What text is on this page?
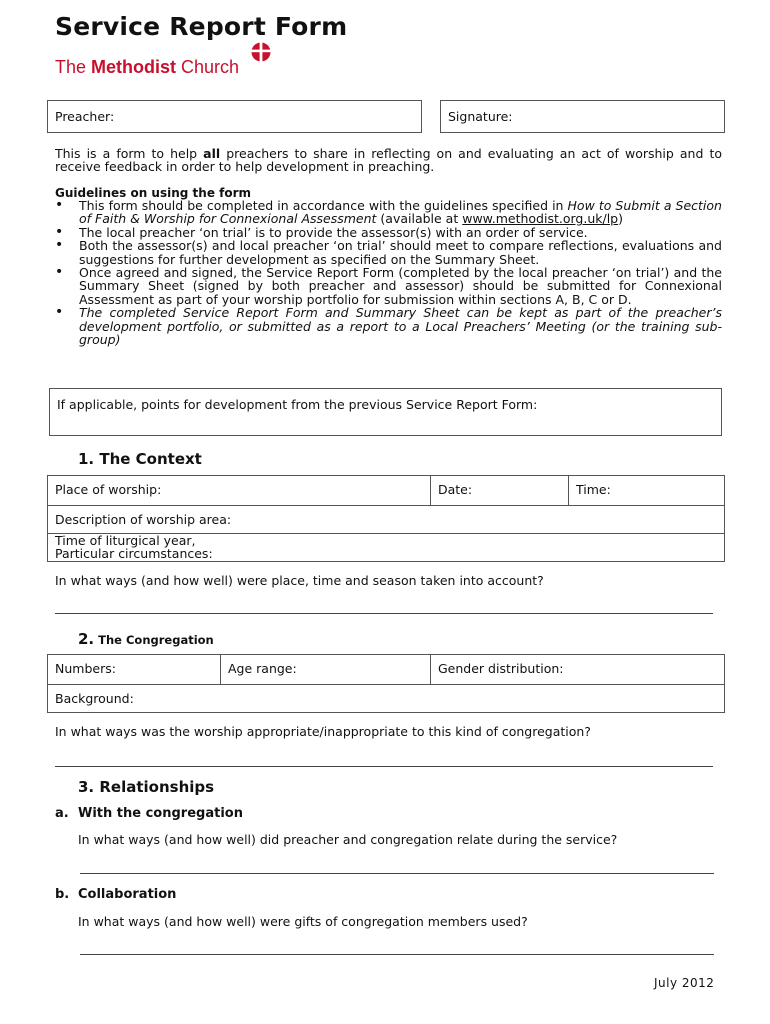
Service Report Form
The Methodist Church
Preacher:	Signature:
This is a form to help all preachers to share in reflecting on and evaluating an act of worship and to receive feedback in order to help development in preaching.
Guidelines on using the form
• This form should be completed in accordance with the guidelines specified in How to Submit a Section of Faith & Worship for Connexional Assessment (available at www.methodist.org.uk/lp)
• The local preacher ‘on trial’ is to provide the assessor(s) with an order of service.
• Both the assessor(s) and local preacher ‘on trial’ should meet to compare reflections, evaluations and suggestions for further development as specified on the Summary Sheet.
• Once agreed and signed, the Service Report Form (completed by the local preacher ‘on trial’) and the Summary Sheet (signed by both preacher and assessor) should be submitted for Connexional Assessment as part of your worship portfolio for submission within sections A, B, C or D.
• The completed Service Report Form and Summary Sheet can be kept as part of the preacher’s development portfolio, or submitted as a report to a Local Preachers’ Meeting (or the training sub-group)
If applicable, points for development from the previous Service Report Form:
1. The Context
Place of worship:	Date:	Time:
Description of worship area:
Time of liturgical year,
Particular circumstances:
In what ways (and how well) were place, time and season taken into account?
2. The Congregation
Numbers:	Age range:	Gender distribution:
Background:
In what ways was the worship appropriate/inappropriate to this kind of congregation?
3. Relationships
a. With the congregation
In what ways (and how well) did preacher and congregation relate during the service?
b. Collaboration
In what ways (and how well) were gifts of congregation members used?
July 2012
